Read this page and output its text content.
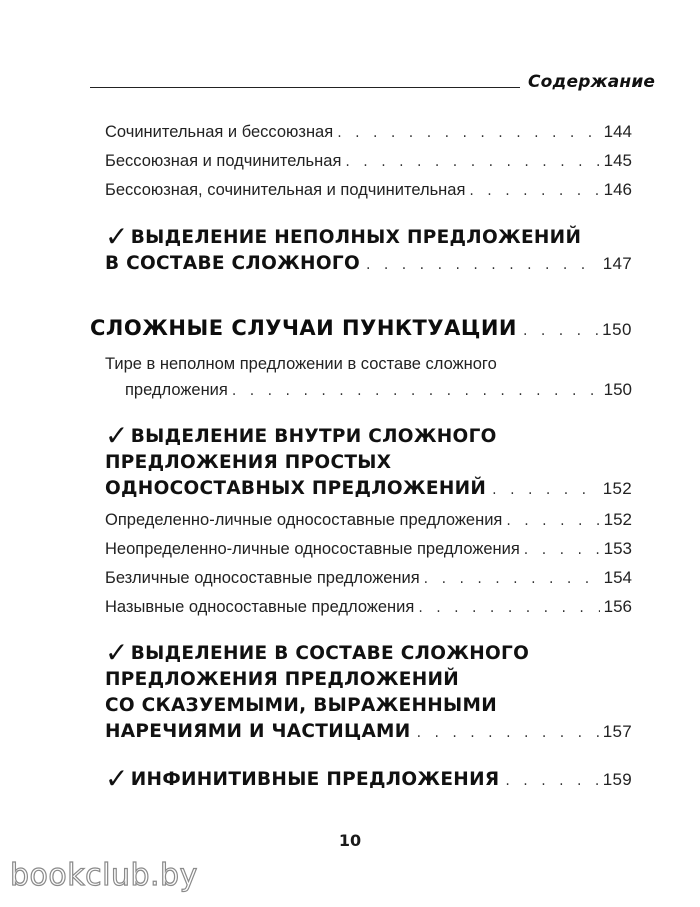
Содержание
Сочинительная и бессоюзная . . .	144
Бессоюзная и подчинительная . . .	145
Бессоюзная, сочинительная и подчинительная . . .	146
✓ ВЫДЕЛЕНИЕ НЕПОЛНЫХ ПРЕДЛОЖЕНИЙ
В СОСТАВЕ СЛОЖНОГО . . .	147
СЛОЖНЫЕ СЛУЧАИ ПУНКТУАЦИИ . . .	150
Тире в неполном предложении в составе сложного
предложения . . .	150
✓ ВЫДЕЛЕНИЕ ВНУТРИ СЛОЖНОГО
ПРЕДЛОЖЕНИЯ ПРОСТЫХ
ОДНОСОСТАВНЫХ ПРЕДЛОЖЕНИЙ . . .	152
Определенно-личные односоставные предложения . . .	152
Неопределенно-личные односоставные предложения . . .	153
Безличные односоставные предложения . . .	154
Назывные односоставные предложения . . .	156
✓ ВЫДЕЛЕНИЕ В СОСТАВЕ СЛОЖНОГО
ПРЕДЛОЖЕНИЯ ПРЕДЛОЖЕНИЙ
СО СКАЗУЕМЫМИ, ВЫРАЖЕННЫМИ
НАРЕЧИЯМИ И ЧАСТИЦАМИ . . .	157
✓ ИНФИНИТИВНЫЕ ПРЕДЛОЖЕНИЯ . . .	159
10
bookclub.by
